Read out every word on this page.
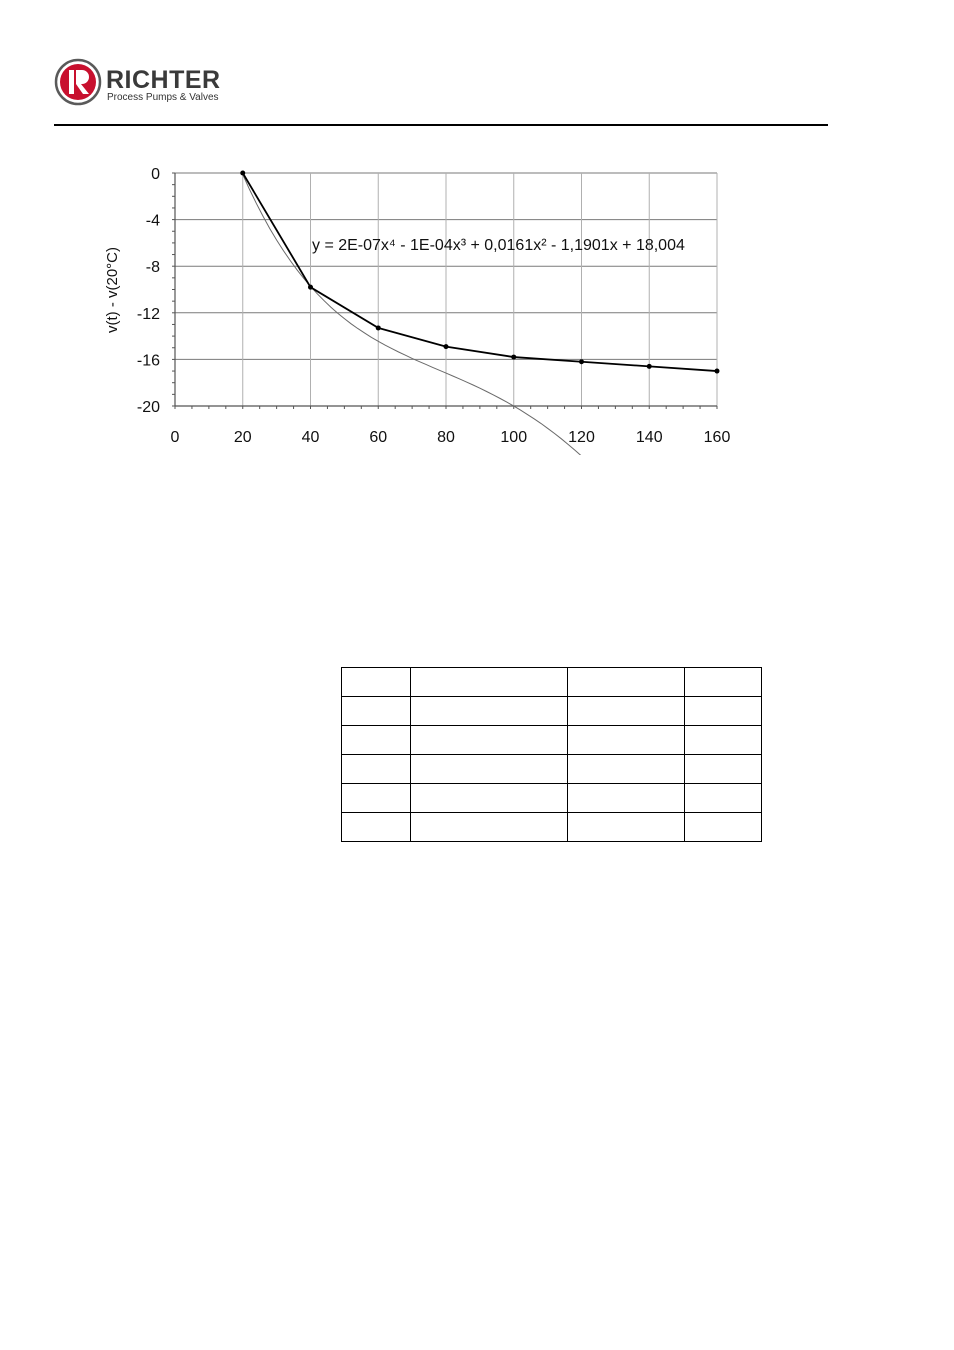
RICHTER
Process Pumps & Valves
0
-4
-8
-12
-16
-20
0	20	40	60	80	100	120	140	160
v(t) - v(20°C)
y = 2E-07x⁴ - 1E-04x³ + 0,0161x² - 1,1901x + 18,004
